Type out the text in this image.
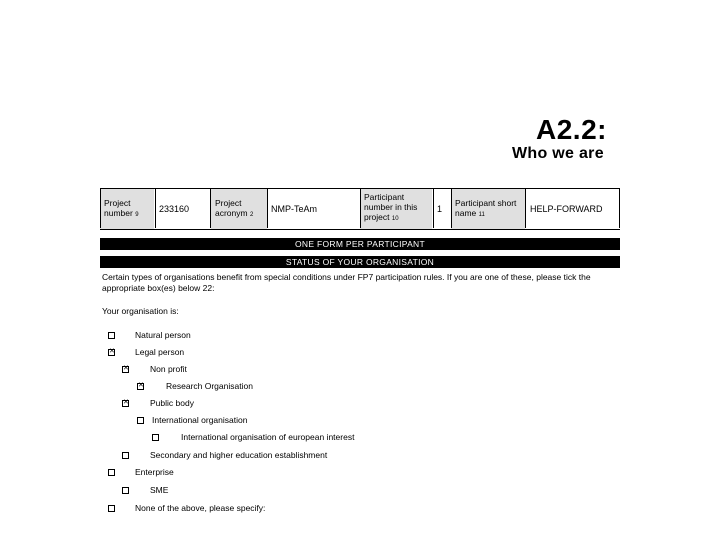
A2.2:
Who we are
Project number 9
233160
Project acronym 2
NMP-TeAm
Participant number in this project 10
1
Participant short name 11
HELP-FORWARD
ONE FORM PER PARTICIPANT
STATUS OF YOUR ORGANISATION
Certain types of organisations benefit from special conditions under FP7 participation rules. If you are one of these, please tick the appropriate box(es) below 22:
Your organisation is:
Natural person
✕
Legal person
✕
Non profit
✕
Research Organisation
✕
Public body
International organisation
International organisation of european interest
Secondary and higher education establishment
Enterprise
SME
None of the above, please specify:
